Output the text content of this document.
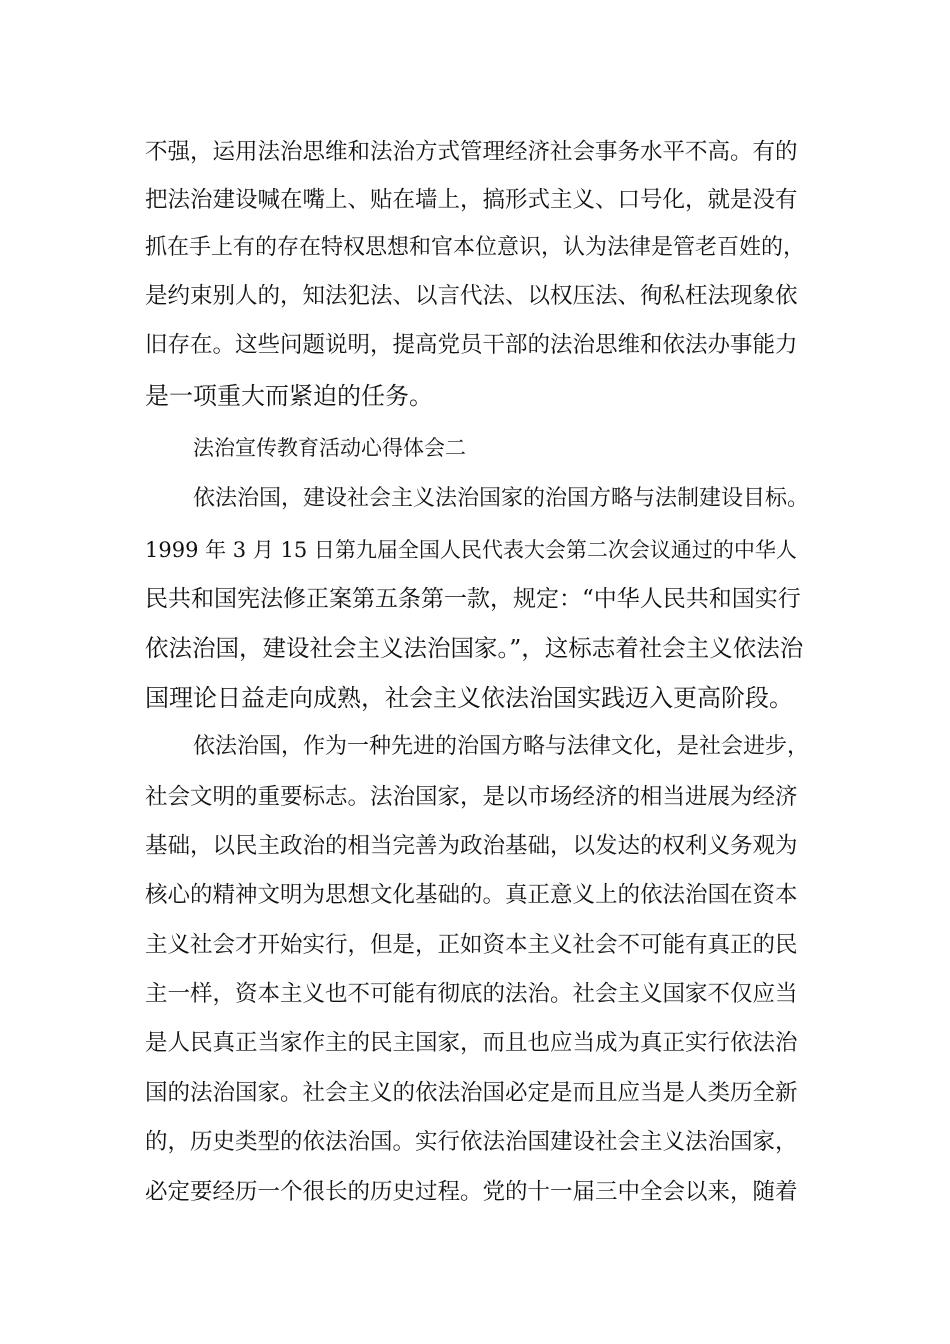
不强，运用法治思维和法治方式管理经济社会事务水平不高。有的
把法治建设喊在嘴上、贴在墙上，搞形式主义、口号化，就是没有
抓在手上有的存在特权思想和官本位意识，认为法律是管老百姓的，
是约束别人的，知法犯法、以言代法、以权压法、徇私枉法现象依
旧存在。这些问题说明，提高党员干部的法治思维和依法办事能力
是一项重大而紧迫的任务。
法治宣传教育活动心得体会二
依法治国，建设社会主义法治国家的治国方略与法制建设目标。
1999 年 3 月 15 日第九届全国人民代表大会第二次会议通过的中华人
民共和国宪法修正案第五条第一款，规定：“中华人民共和国实行
依法治国，建设社会主义法治国家。”，这标志着社会主义依法治
国理论日益走向成熟，社会主义依法治国实践迈入更高阶段。
依法治国，作为一种先进的治国方略与法律文化，是社会进步，
社会文明的重要标志。法治国家，是以市场经济的相当进展为经济
基础，以民主政治的相当完善为政治基础，以发达的权利义务观为
核心的精神文明为思想文化基础的。真正意义上的依法治国在资本
主义社会才开始实行，但是，正如资本主义社会不可能有真正的民
主一样，资本主义也不可能有彻底的法治。社会主义国家不仅应当
是人民真正当家作主的民主国家，而且也应当成为真正实行依法治
国的法治国家。社会主义的依法治国必定是而且应当是人类历全新
的，历史类型的依法治国。实行依法治国建设社会主义法治国家，
必定要经历一个很长的历史过程。党的十一届三中全会以来，随着
